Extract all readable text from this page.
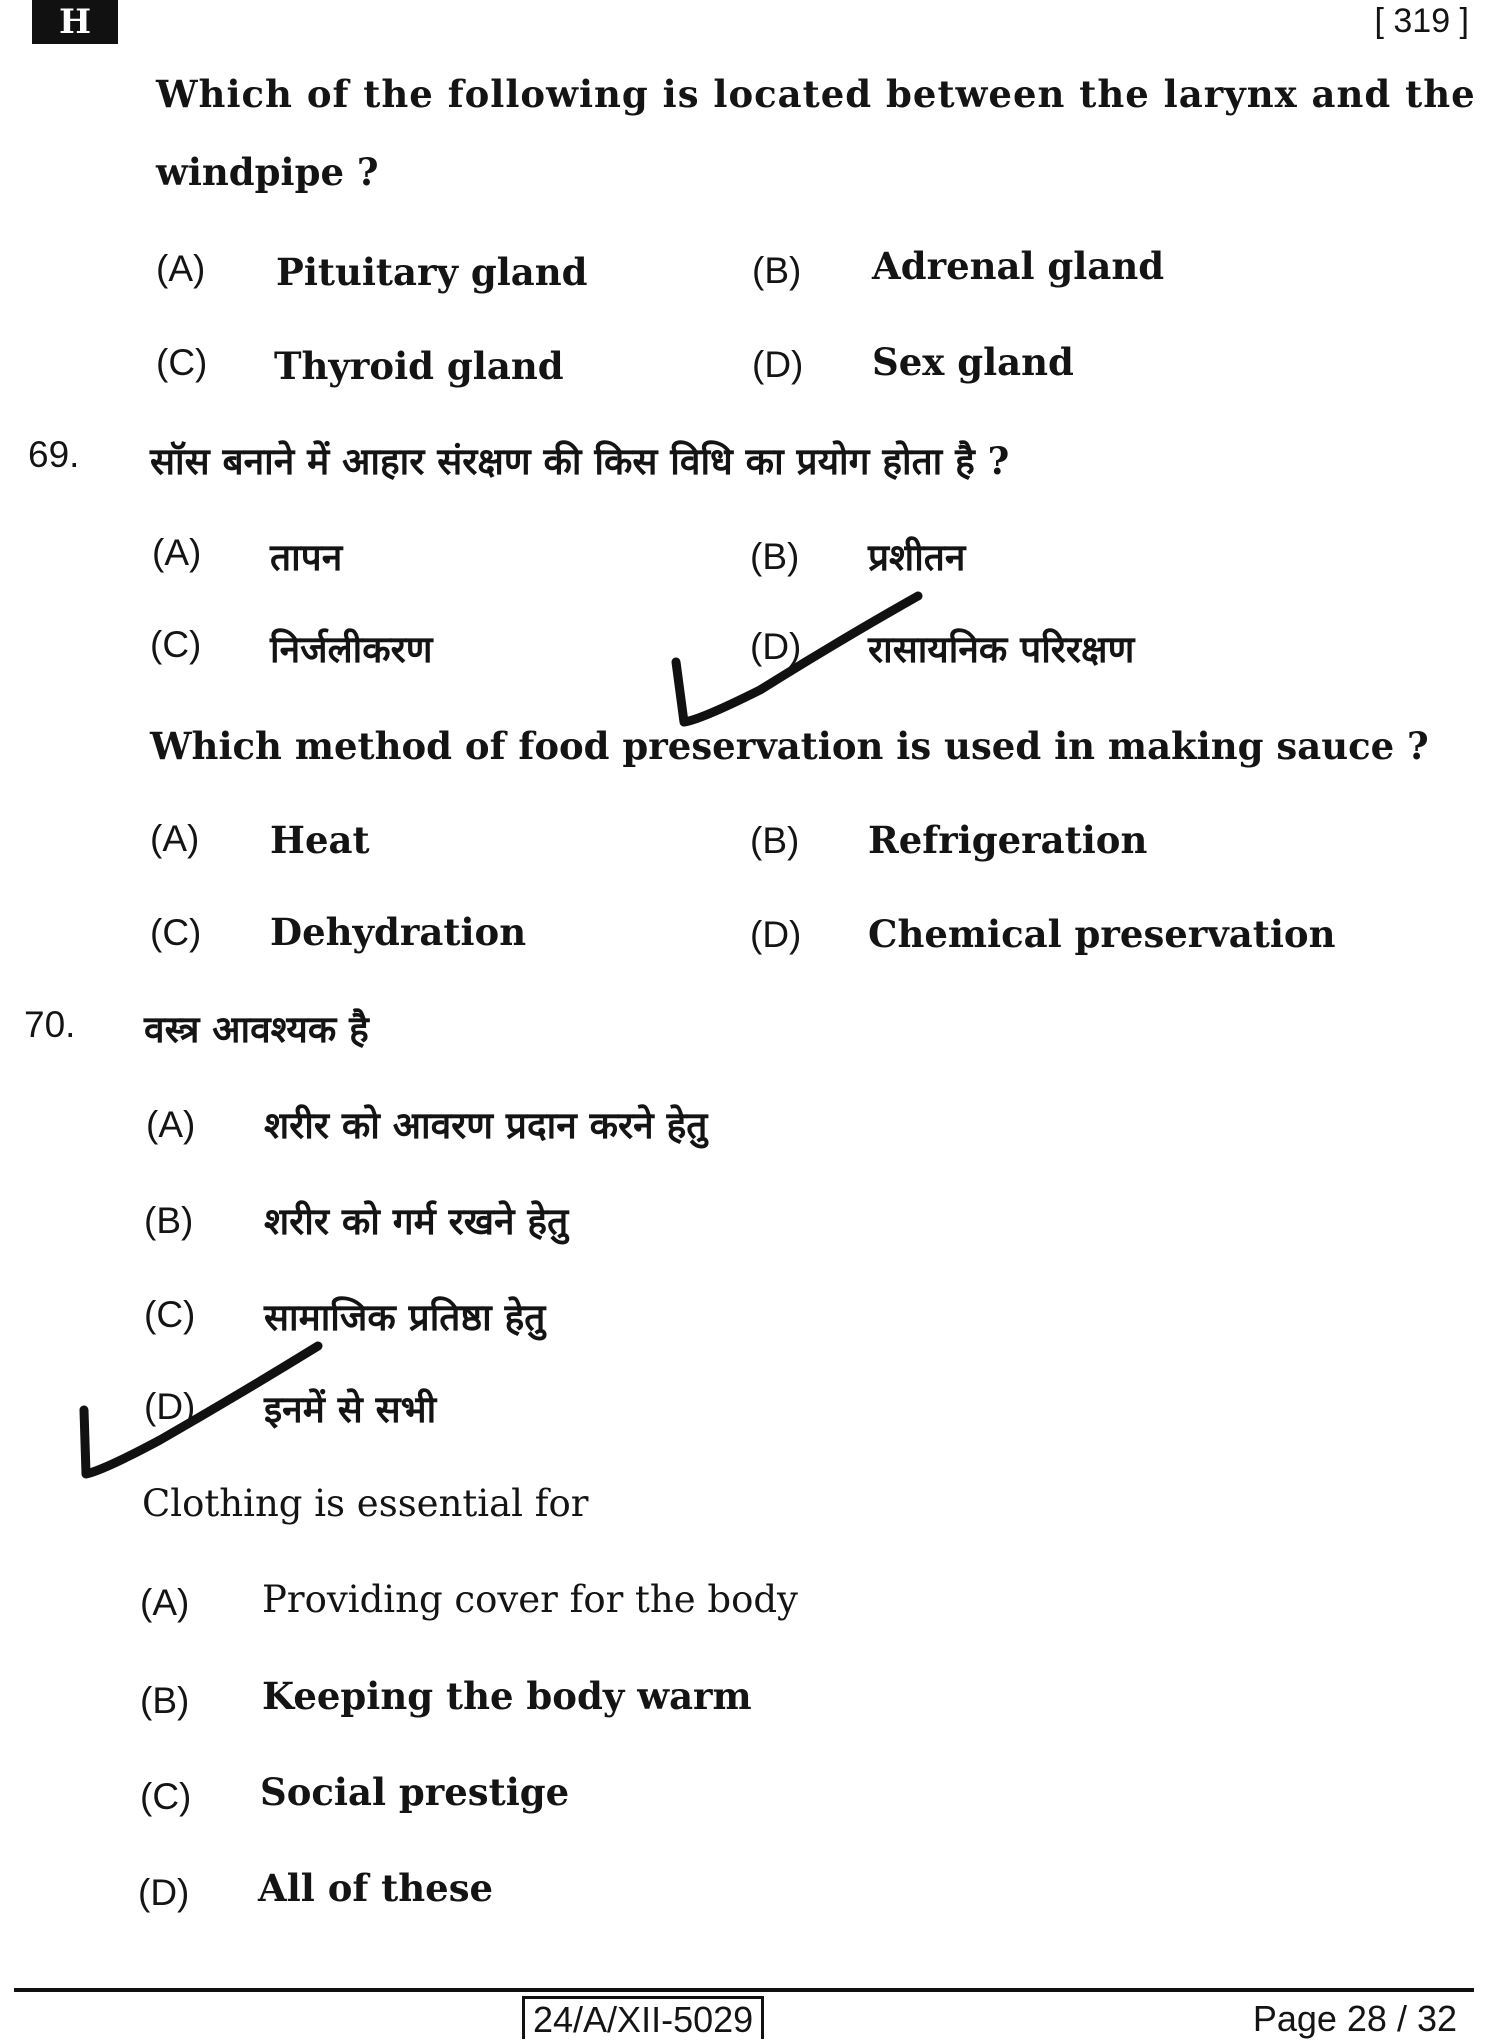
H	[ 319 ]
Which of the following is located between the larynx and the
windpipe ?
(A) Pituitary gland	(B) Adrenal gland
(C) Thyroid gland	(D) Sex gland
69. सॉस बनाने में आहार संरक्षण की किस विधि का प्रयोग होता है ?
(A) तापन	(B) प्रशीतन
(C) निर्जलीकरण	(D) रासायनिक परिरक्षण
Which method of food preservation is used in making sauce ?
(A) Heat	(B) Refrigeration
(C) Dehydration	(D) Chemical preservation
70. वस्त्र आवश्यक है
(A) शरीर को आवरण प्रदान करने हेतु
(B) शरीर को गर्म रखने हेतु
(C) सामाजिक प्रतिष्ठा हेतु
(D) इनमें से सभी
Clothing is essential for
(A) Providing cover for the body
(B) Keeping the body warm
(C) Social prestige
(D) All of these
24/A/XII-5029	Page 28 / 32
